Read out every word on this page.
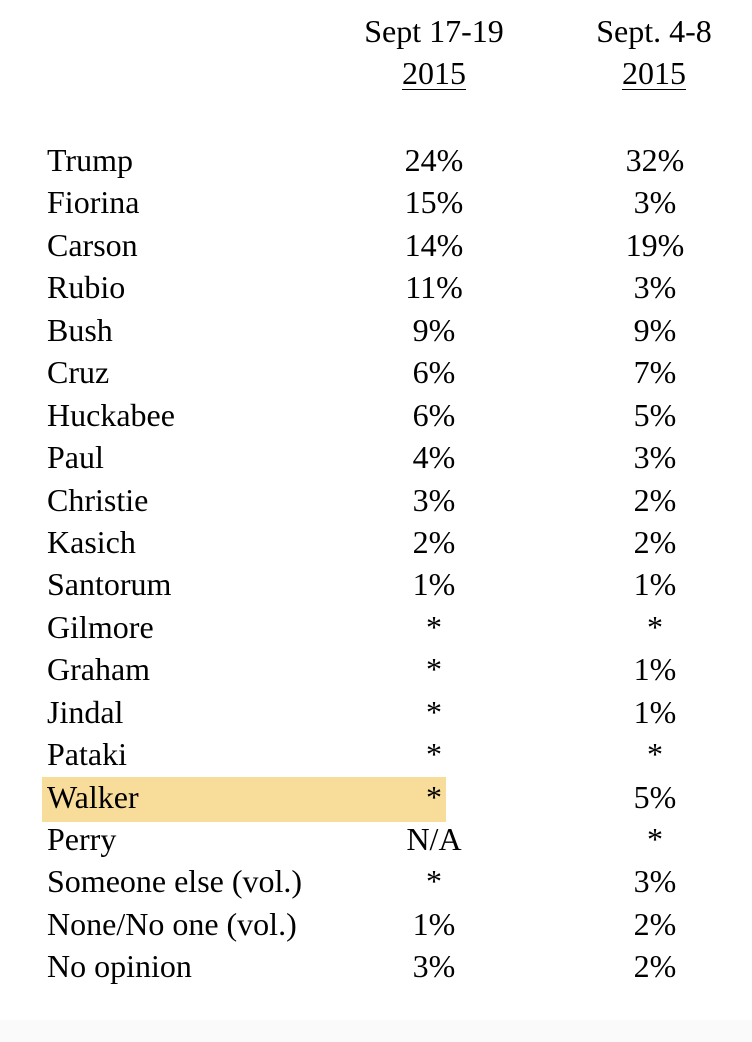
Sept 17-19
2015
Sept. 4-8
2015
Trump	24%	32%
Fiorina	15%	3%
Carson	14%	19%
Rubio	11%	3%
Bush	9%	9%
Cruz	6%	7%
Huckabee	6%	5%
Paul	4%	3%
Christie	3%	2%
Kasich	2%	2%
Santorum	1%	1%
Gilmore	*	*
Graham	*	1%
Jindal	*	1%
Pataki	*	*
Walker	*	5%
Perry	N/A	*
Someone else (vol.)	*	3%
None/No one (vol.)	1%	2%
No opinion	3%	2%
